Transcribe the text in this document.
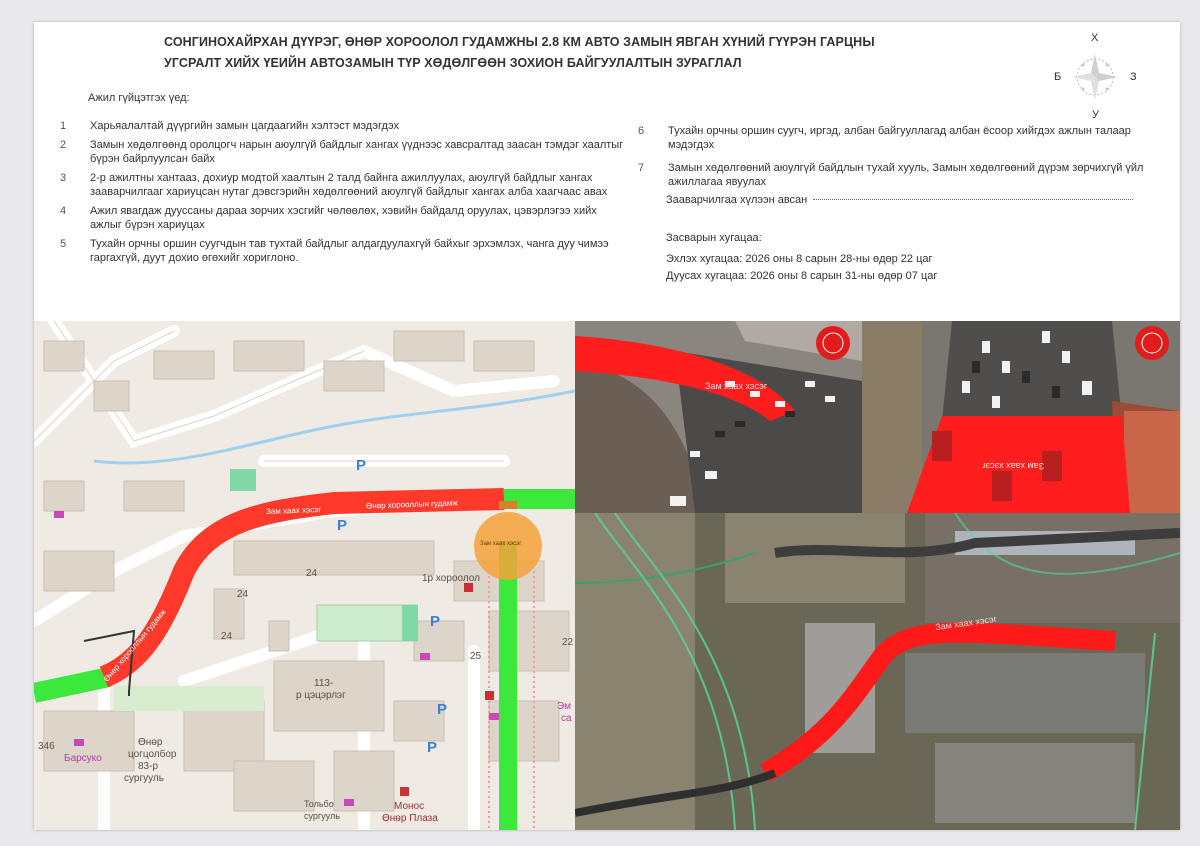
СОНГИНОХАЙРХАН ДҮҮРЭГ, ӨНӨР ХОРООЛОЛ ГУДАМЖНЫ 2.8 КМ АВТО ЗАМЫН ЯВГАН ХҮНИЙ ГҮҮРЭН ГАРЦНЫ
УГСРАЛТ ХИЙХ ҮЕИЙН АВТОЗАМЫН ТҮР ХӨДӨЛГӨӨН ЗОХИОН БАЙГУУЛАЛТЫН ЗУРАГЛАЛ
Х
У
Б	З
Ажил гүйцэтгэх үед:
1	Харьяалалтай дүүргийн замын цагдаагийн хэлтэст мэдэгдэх
2	Замын хөдөлгөөнд оролцогч нарын аюулгүй байдлыг хангах үүднээс хавсралтад заасан тэмдэг хаалтыг бүрэн байрлуулсан байх
3	2-р ажилтны хантааз, дохиур модтой хаалтын 2 талд байнга ажиллуулах, аюулгүй байдлыг хангах зааварчилгааг хариуцсан нутаг дэвсгэрийн хөдөлгөөний аюулгүй байдлыг хангах алба хаагчаас авах
4	Ажил явагдаж дууссаны дараа зорчих хэсгийг чөлөөлөх, хэвийн байдалд оруулах, цэвэрлэгээ хийх ажлыг бүрэн хариуцах
5	Тухайн орчны оршин суугчдын тав тухтай байдлыг алдагдуулахгүй байхыг эрхэмлэх, чанга дуу чимээ гаргахгүй, дуут дохио өгөхийг хориглоно.
6	Тухайн орчны оршин суугч, иргэд, албан байгууллагад албан ёсоор хийгдэх ажлын талаар мэдэгдэх
7	Замын хөдөлгөөний аюулгүй байдлын тухай хууль, Замын хөдөлгөөний дүрэм зөрчихгүй үйл ажиллагаа явуулах
Зааварчилгаа хүлээн авсан
Засварын хугацаа:
Эхлэх хугацаа: 2026 оны 8 сарын 28-ны өдөр 22 цаг
Дуусах хугацаа: 2026 оны 8 сарын 31-ны өдөр 07 цаг
Зам хаах хэсэг	Өнөр хорооллын гудамж
Өнөр хорооллын гудамж
Зам хаах хэсэг
P
P
P
P
P
24
24
24
25
22
1р хороолол
113-
р цэцэрлэг
Өнөр
цогцолбор
83-р
сургууль
346
Барсуко
Монос
Өнөр Плаза
Тольбо
сургууль
Эм
са
Зам хаах хэсэг
Зам хаах хэсэг
Зам хаах хэсэг
